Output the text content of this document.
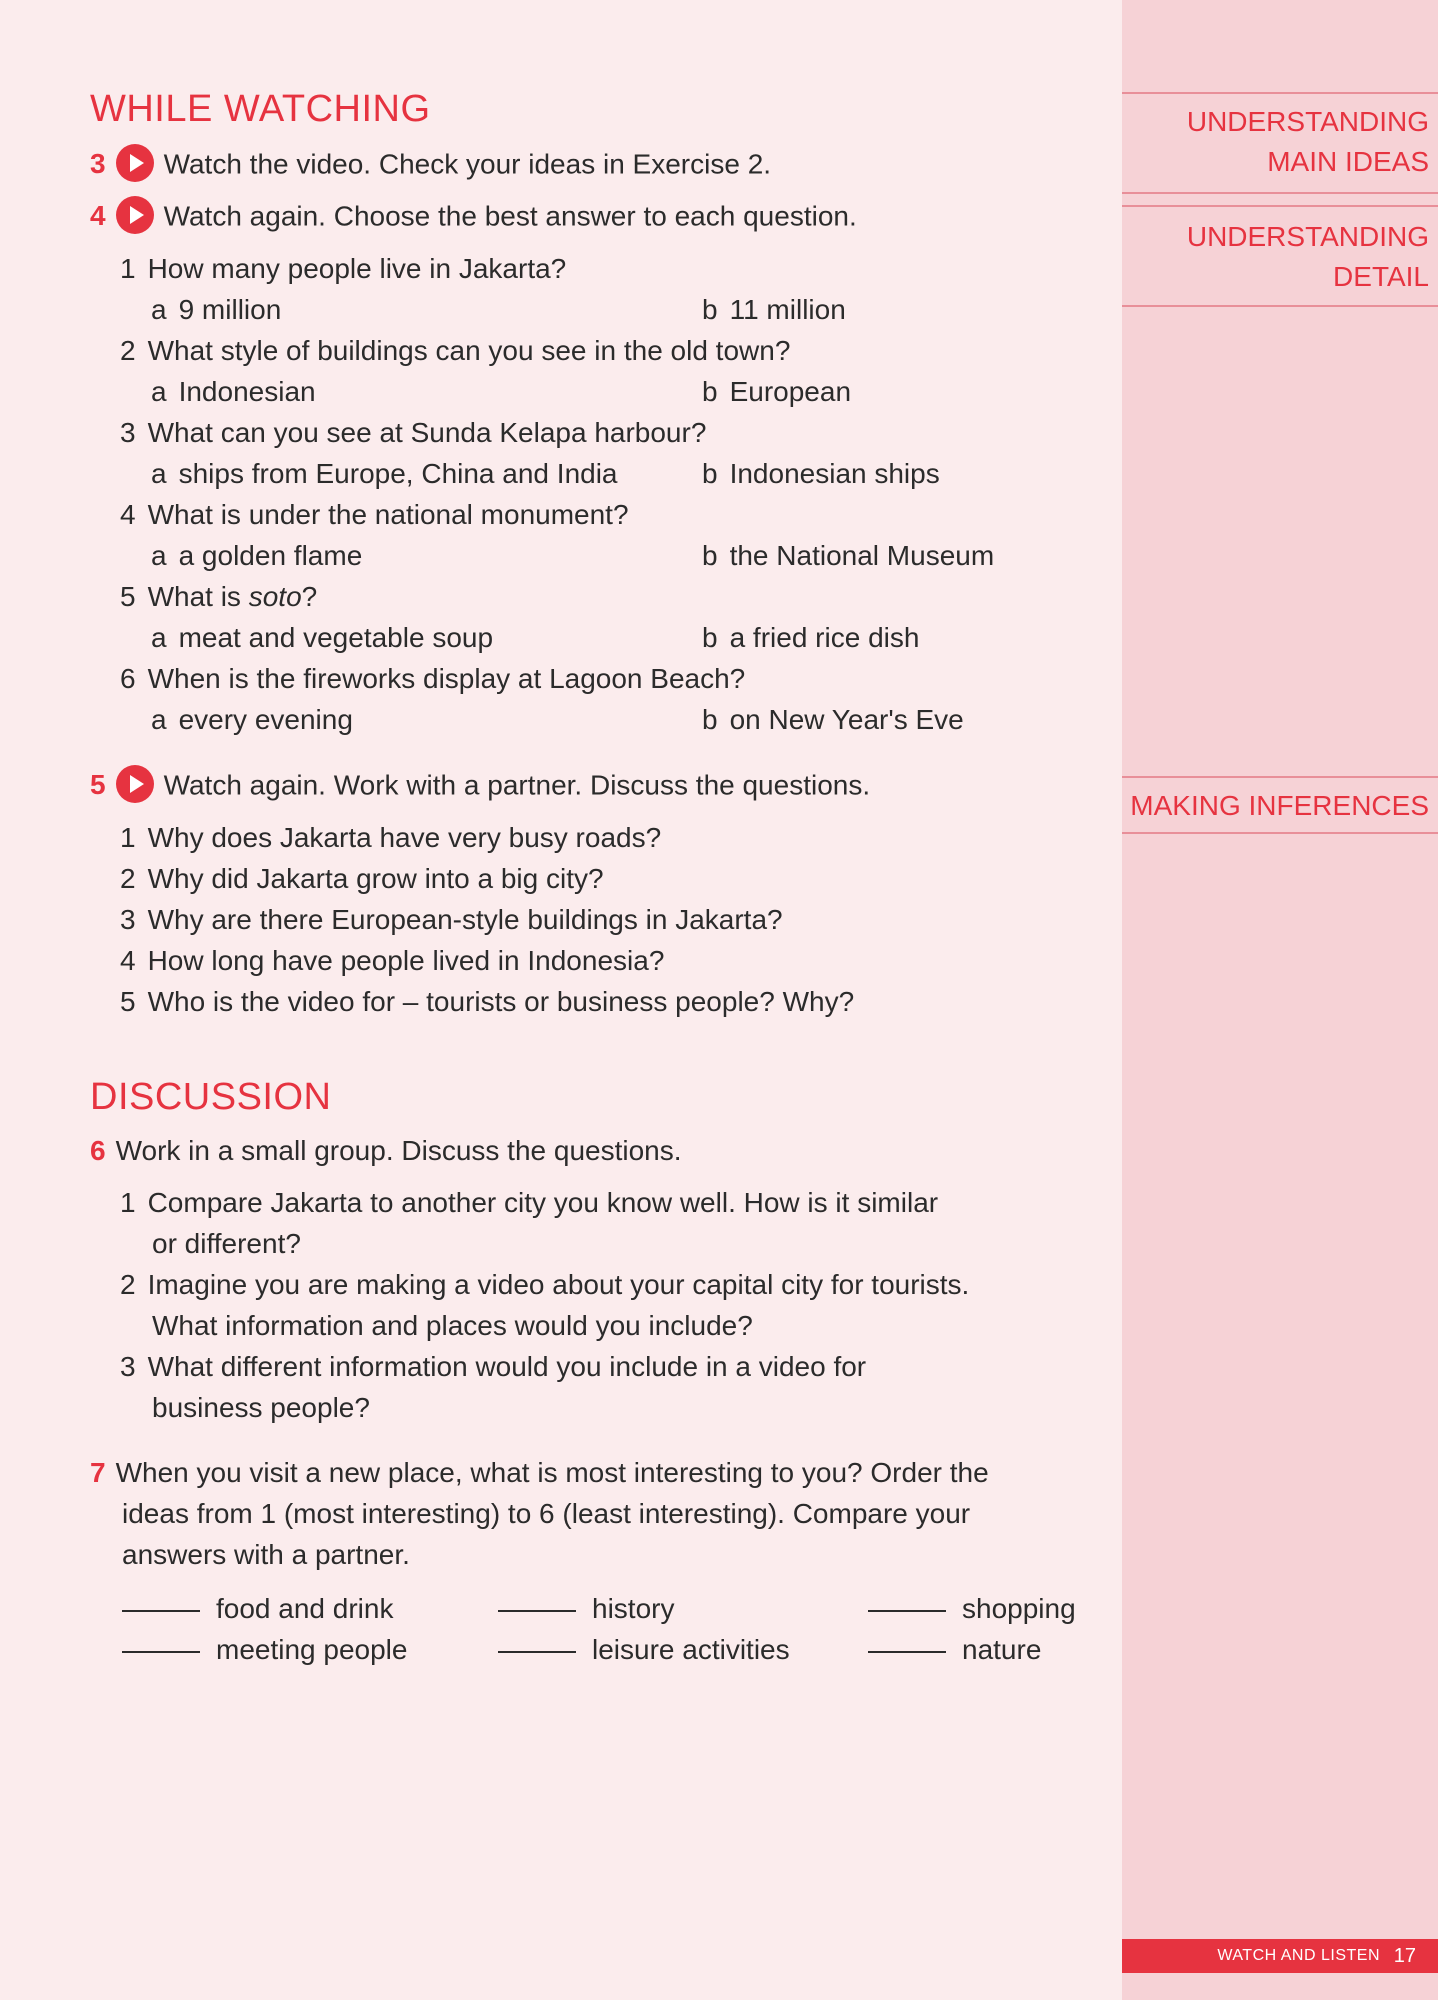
WHILE WATCHING
3 Watch the video. Check your ideas in Exercise 2.
4 Watch again. Choose the best answer to each question.
1 How many people live in Jakarta?
a 9 million	b 11 million
2 What style of buildings can you see in the old town?
a Indonesian	b European
3 What can you see at Sunda Kelapa harbour?
a ships from Europe, China and India	b Indonesian ships
4 What is under the national monument?
a a golden flame	b the National Museum
5 What is soto?
a meat and vegetable soup	b a fried rice dish
6 When is the fireworks display at Lagoon Beach?
a every evening	b on New Year's Eve
5 Watch again. Work with a partner. Discuss the questions.
1 Why does Jakarta have very busy roads?
2 Why did Jakarta grow into a big city?
3 Why are there European-style buildings in Jakarta?
4 How long have people lived in Indonesia?
5 Who is the video for – tourists or business people? Why?
DISCUSSION
6 Work in a small group. Discuss the questions.
1 Compare Jakarta to another city you know well. How is it similar
or different?
2 Imagine you are making a video about your capital city for tourists.
What information and places would you include?
3 What different information would you include in a video for
business people?
7 When you visit a new place, what is most interesting to you? Order the
ideas from 1 (most interesting) to 6 (least interesting). Compare your
answers with a partner.
food and drink	history	shopping
meeting people	leisure activities	nature
UNDERSTANDING
MAIN IDEAS
UNDERSTANDING
DETAIL
MAKING INFERENCES
WATCH AND LISTEN 17
